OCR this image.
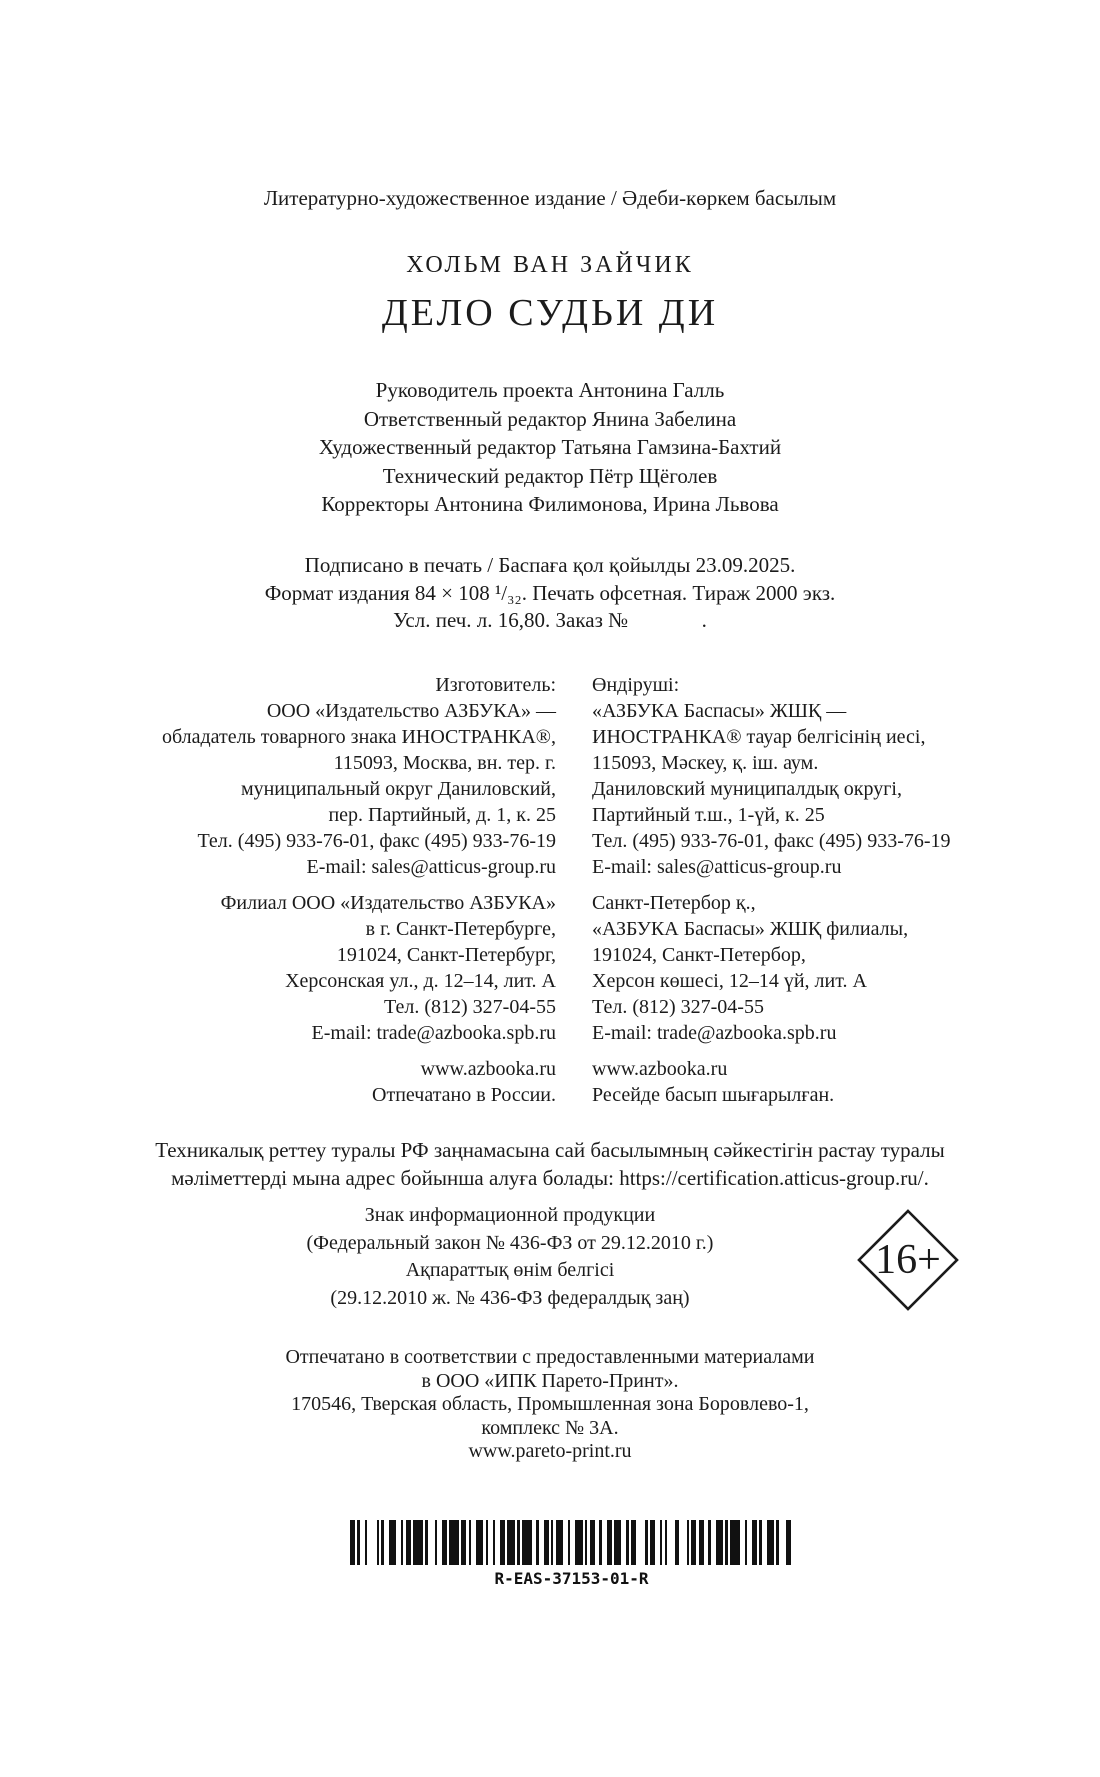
Литературно-художественное издание / Әдеби-көркем басылым
ХОЛЬМ ВАН ЗАЙЧИК
ДЕЛО СУДЬИ ДИ
Руководитель проекта Антонина Галль
Ответственный редактор Янина Забелина
Художественный редактор Татьяна Гамзина-Бахтий
Технический редактор Пётр Щёголев
Корректоры Антонина Филимонова, Ирина Львова
Подписано в печать / Баспаға қол қойылды 23.09.2025.
Формат издания 84 × 108 ¹/₃₂. Печать офсетная. Тираж 2000 экз.
Усл. печ. л. 16,80. Заказ №              .
Изготовитель:
ООО «Издательство АЗБУКА» —
обладатель товарного знака ИНОСТРАНКА®,
115093, Москва, вн. тер. г.
муниципальный округ Даниловский,
пер. Партийный, д. 1, к. 25
Тел. (495) 933-76-01, факс (495) 933-76-19
E-mail: sales@atticus-group.ru
Филиал ООО «Издательство АЗБУКА»
в г. Санкт-Петербурге,
191024, Санкт-Петербург,
Херсонская ул., д. 12–14, лит. А
Тел. (812) 327-04-55
E-mail: trade@azbooka.spb.ru
www.azbooka.ru
Отпечатано в России.
Өндіруші:
«АЗБУКА Баспасы» ЖШҚ —
ИНОСТРАНКА® тауар белгісінің иесі,
115093, Мәскеу, қ. іш. аум.
Даниловский муниципалдық округі,
Партийный т.ш., 1-үй, к. 25
Тел. (495) 933-76-01, факс (495) 933-76-19
E-mail: sales@atticus-group.ru
Санкт-Петербор қ.,
«АЗБУКА Баспасы» ЖШҚ филиалы,
191024, Санкт-Петербор,
Херсон көшесі, 12–14 үй, лит. А
Тел. (812) 327-04-55
E-mail: trade@azbooka.spb.ru
www.azbooka.ru
Ресейде басып шығарылған.
Техникалық реттеу туралы РФ заңнамасына сай басылымның сәйкестігін растау туралы
мәліметтерді мына адрес бойынша алуға болады: https://certification.atticus-group.ru/.
Знак информационной продукции
(Федеральный закон № 436-ФЗ от 29.12.2010 г.)
Ақпараттық өнім белгісі
(29.12.2010 ж. № 436-ФЗ федералдық заң)
16+
Отпечатано в соответствии с предоставленными материалами
в ООО «ИПК Парето-Принт».
170546, Тверская область, Промышленная зона Боровлево-1,
комплекс № 3А.
www.pareto-print.ru
R-EAS-37153-01-R
